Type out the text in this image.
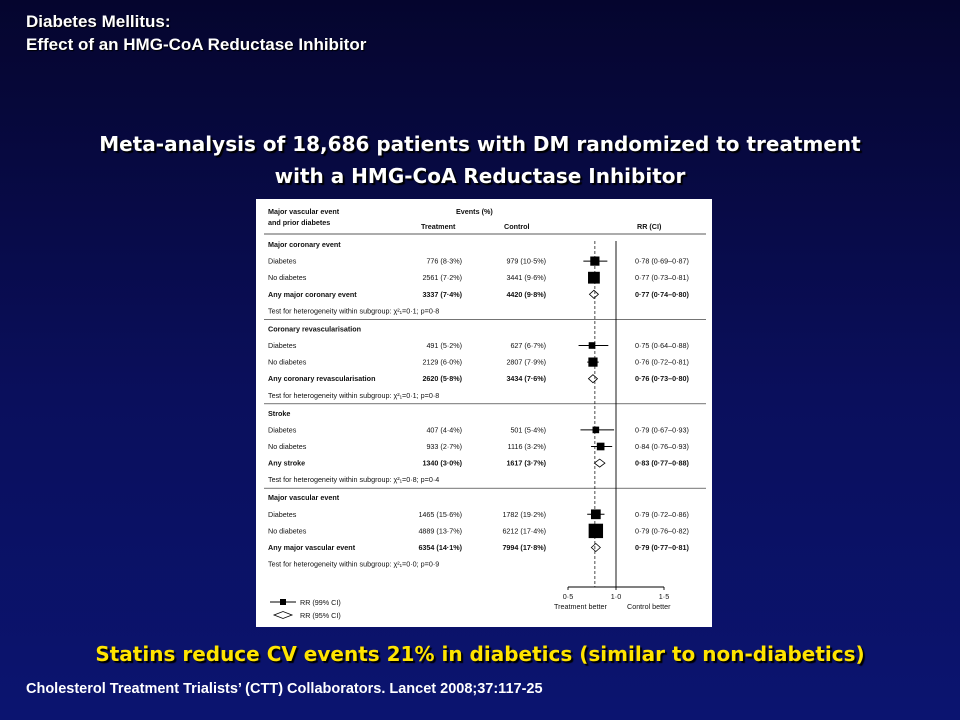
Diabetes Mellitus:
Effect of an HMG-CoA Reductase Inhibitor
Meta-analysis of 18,686 patients with DM randomized to treatment
with a HMG-CoA Reductase Inhibitor
Major vascular event
and prior diabetes
Events (%)
Treatment	Control	RR (CI)
Major coronary event
Diabetes	776 (8·3%)	979 (10·5%)	0·78 (0·69–0·87)
No diabetes	2561 (7·2%)	3441 (9·6%)	0·77 (0·73–0·81)
Any major coronary event	3337 (7·4%)	4420 (9·8%)	0·77 (0·74–0·80)
Test for heterogeneity within subgroup: χ²₁=0·1; p=0·8
Coronary revascularisation
Diabetes	491 (5·2%)	627 (6·7%)	0·75 (0·64–0·88)
No diabetes	2129 (6·0%)	2807 (7·9%)	0·76 (0·72–0·81)
Any coronary revascularisation	2620 (5·8%)	3434 (7·6%)	0·76 (0·73–0·80)
Test for heterogeneity within subgroup: χ²₁=0·1; p=0·8
Stroke
Diabetes	407 (4·4%)	501 (5·4%)	0·79 (0·67–0·93)
No diabetes	933 (2·7%)	1116 (3·2%)	0·84 (0·76–0·93)
Any stroke	1340 (3·0%)	1617 (3·7%)	0·83 (0·77–0·88)
Test for heterogeneity within subgroup: χ²₁=0·8; p=0·4
Major vascular event
Diabetes	1465 (15·6%)	1782 (19·2%)	0·79 (0·72–0·86)
No diabetes	4889 (13·7%)	6212 (17·4%)	0·79 (0·76–0·82)
Any major vascular event	6354 (14·1%)	7994 (17·8%)	0·79 (0·77–0·81)
Test for heterogeneity within subgroup: χ²₁=0·0; p=0·9
0·5	1·0	1·5
Treatment better	Control better
RR (99% CI)
RR (95% CI)
Statins reduce CV events 21% in diabetics (similar to non-diabetics)
Cholesterol Treatment Trialists’ (CTT) Collaborators. Lancet 2008;37:117-25
